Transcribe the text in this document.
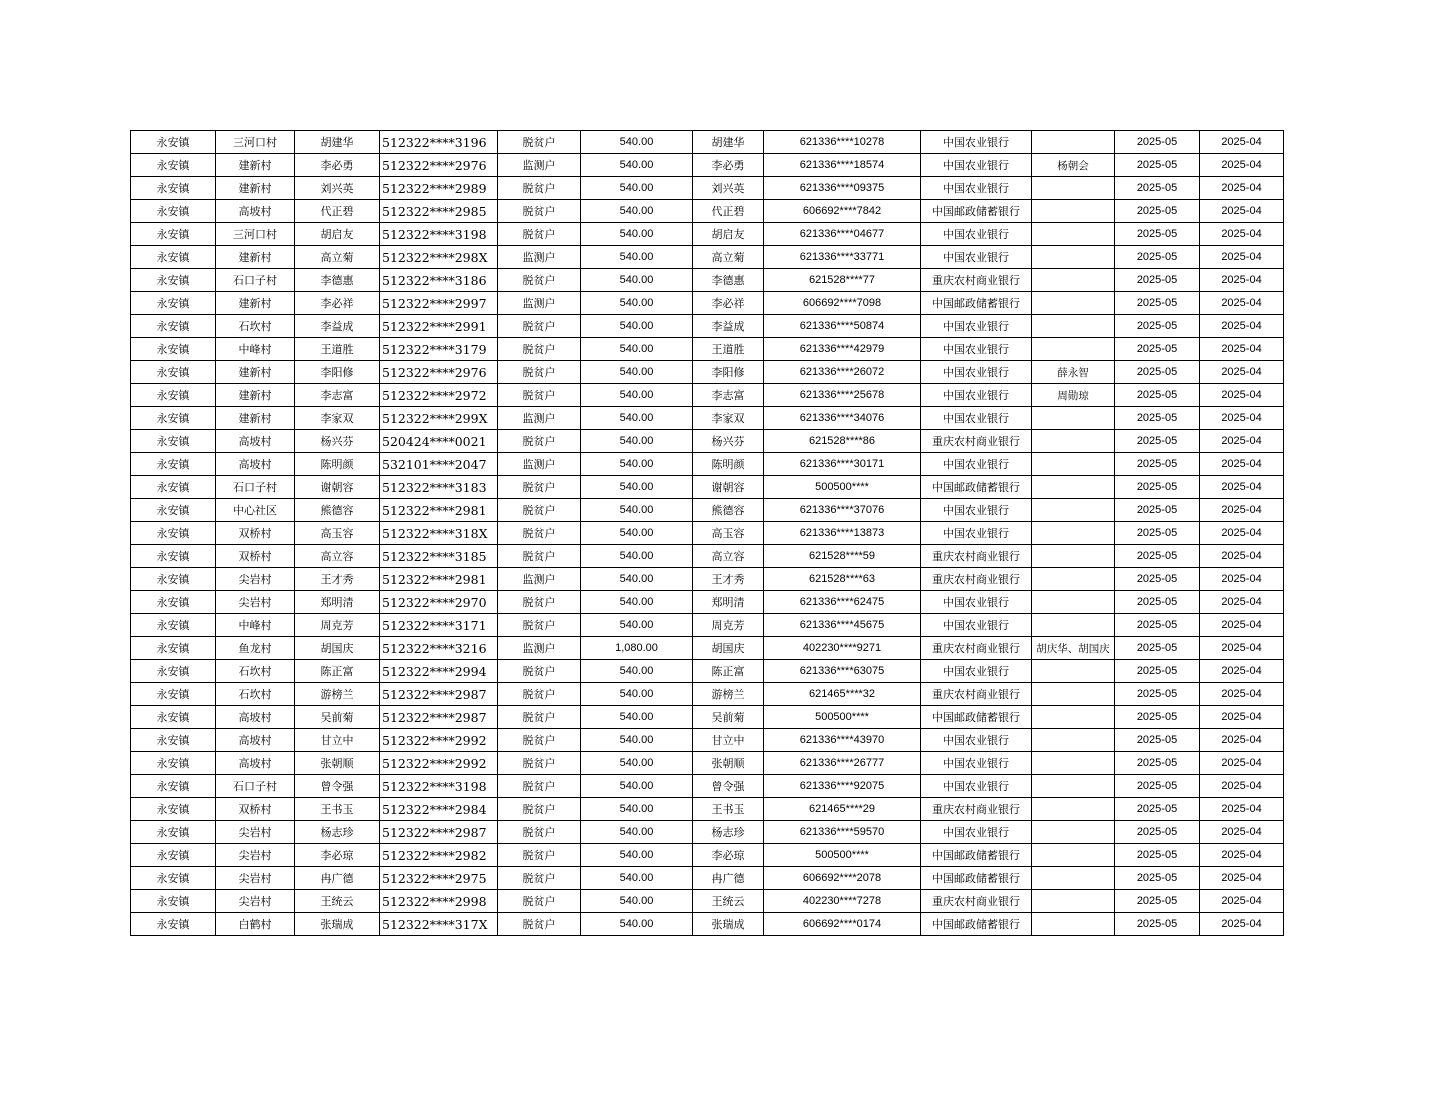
永安镇	三河口村	胡建华	512322****3196	脱贫户	540.00	胡建华	621336****10278	中国农业银行		2025-05	2025-04
永安镇	建新村	李必勇	512322****2976	监测户	540.00	李必勇	621336****18574	中国农业银行	杨朝会	2025-05	2025-04
永安镇	建新村	刘兴英	512322****2989	脱贫户	540.00	刘兴英	621336****09375	中国农业银行		2025-05	2025-04
永安镇	高坡村	代正碧	512322****2985	脱贫户	540.00	代正碧	606692****7842	中国邮政储蓄银行		2025-05	2025-04
永安镇	三河口村	胡启友	512322****3198	脱贫户	540.00	胡启友	621336****04677	中国农业银行		2025-05	2025-04
永安镇	建新村	高立菊	512322****298X	监测户	540.00	高立菊	621336****33771	中国农业银行		2025-05	2025-04
永安镇	石口子村	李德惠	512322****3186	脱贫户	540.00	李德惠	621528****77	重庆农村商业银行		2025-05	2025-04
永安镇	建新村	李必祥	512322****2997	监测户	540.00	李必祥	606692****7098	中国邮政储蓄银行		2025-05	2025-04
永安镇	石坎村	李益成	512322****2991	脱贫户	540.00	李益成	621336****50874	中国农业银行		2025-05	2025-04
永安镇	中峰村	王道胜	512322****3179	脱贫户	540.00	王道胜	621336****42979	中国农业银行		2025-05	2025-04
永安镇	建新村	李阳修	512322****2976	脱贫户	540.00	李阳修	621336****26072	中国农业银行	薛永智	2025-05	2025-04
永安镇	建新村	李志富	512322****2972	脱贫户	540.00	李志富	621336****25678	中国农业银行	周勋琼	2025-05	2025-04
永安镇	建新村	李家双	512322****299X	监测户	540.00	李家双	621336****34076	中国农业银行		2025-05	2025-04
永安镇	高坡村	杨兴芬	520424****0021	脱贫户	540.00	杨兴芬	621528****86	重庆农村商业银行		2025-05	2025-04
永安镇	高坡村	陈明颜	532101****2047	监测户	540.00	陈明颜	621336****30171	中国农业银行		2025-05	2025-04
永安镇	石口子村	谢朝容	512322****3183	脱贫户	540.00	谢朝容	500500****	中国邮政储蓄银行		2025-05	2025-04
永安镇	中心社区	熊德容	512322****2981	脱贫户	540.00	熊德容	621336****37076	中国农业银行		2025-05	2025-04
永安镇	双桥村	高玉容	512322****318X	脱贫户	540.00	高玉容	621336****13873	中国农业银行		2025-05	2025-04
永安镇	双桥村	高立容	512322****3185	脱贫户	540.00	高立容	621528****59	重庆农村商业银行		2025-05	2025-04
永安镇	尖岩村	王才秀	512322****2981	监测户	540.00	王才秀	621528****63	重庆农村商业银行		2025-05	2025-04
永安镇	尖岩村	郑明清	512322****2970	脱贫户	540.00	郑明清	621336****62475	中国农业银行		2025-05	2025-04
永安镇	中峰村	周克芳	512322****3171	脱贫户	540.00	周克芳	621336****45675	中国农业银行		2025-05	2025-04
永安镇	鱼龙村	胡国庆	512322****3216	监测户	1,080.00	胡国庆	402230****9271	重庆农村商业银行	胡庆华、胡国庆	2025-05	2025-04
永安镇	石坎村	陈正富	512322****2994	脱贫户	540.00	陈正富	621336****63075	中国农业银行		2025-05	2025-04
永安镇	石坎村	游榜兰	512322****2987	脱贫户	540.00	游榜兰	621465****32	重庆农村商业银行		2025-05	2025-04
永安镇	高坡村	吴前菊	512322****2987	脱贫户	540.00	吴前菊	500500****	中国邮政储蓄银行		2025-05	2025-04
永安镇	高坡村	甘立中	512322****2992	脱贫户	540.00	甘立中	621336****43970	中国农业银行		2025-05	2025-04
永安镇	高坡村	张朝顺	512322****2992	脱贫户	540.00	张朝顺	621336****26777	中国农业银行		2025-05	2025-04
永安镇	石口子村	曾令强	512322****3198	脱贫户	540.00	曾令强	621336****92075	中国农业银行		2025-05	2025-04
永安镇	双桥村	王书玉	512322****2984	脱贫户	540.00	王书玉	621465****29	重庆农村商业银行		2025-05	2025-04
永安镇	尖岩村	杨志珍	512322****2987	脱贫户	540.00	杨志珍	621336****59570	中国农业银行		2025-05	2025-04
永安镇	尖岩村	李必琼	512322****2982	脱贫户	540.00	李必琼	500500****	中国邮政储蓄银行		2025-05	2025-04
永安镇	尖岩村	冉广德	512322****2975	脱贫户	540.00	冉广德	606692****2078	中国邮政储蓄银行		2025-05	2025-04
永安镇	尖岩村	王统云	512322****2998	脱贫户	540.00	王统云	402230****7278	重庆农村商业银行		2025-05	2025-04
永安镇	白鹤村	张瑞成	512322****317X	脱贫户	540.00	张瑞成	606692****0174	中国邮政储蓄银行		2025-05	2025-04
